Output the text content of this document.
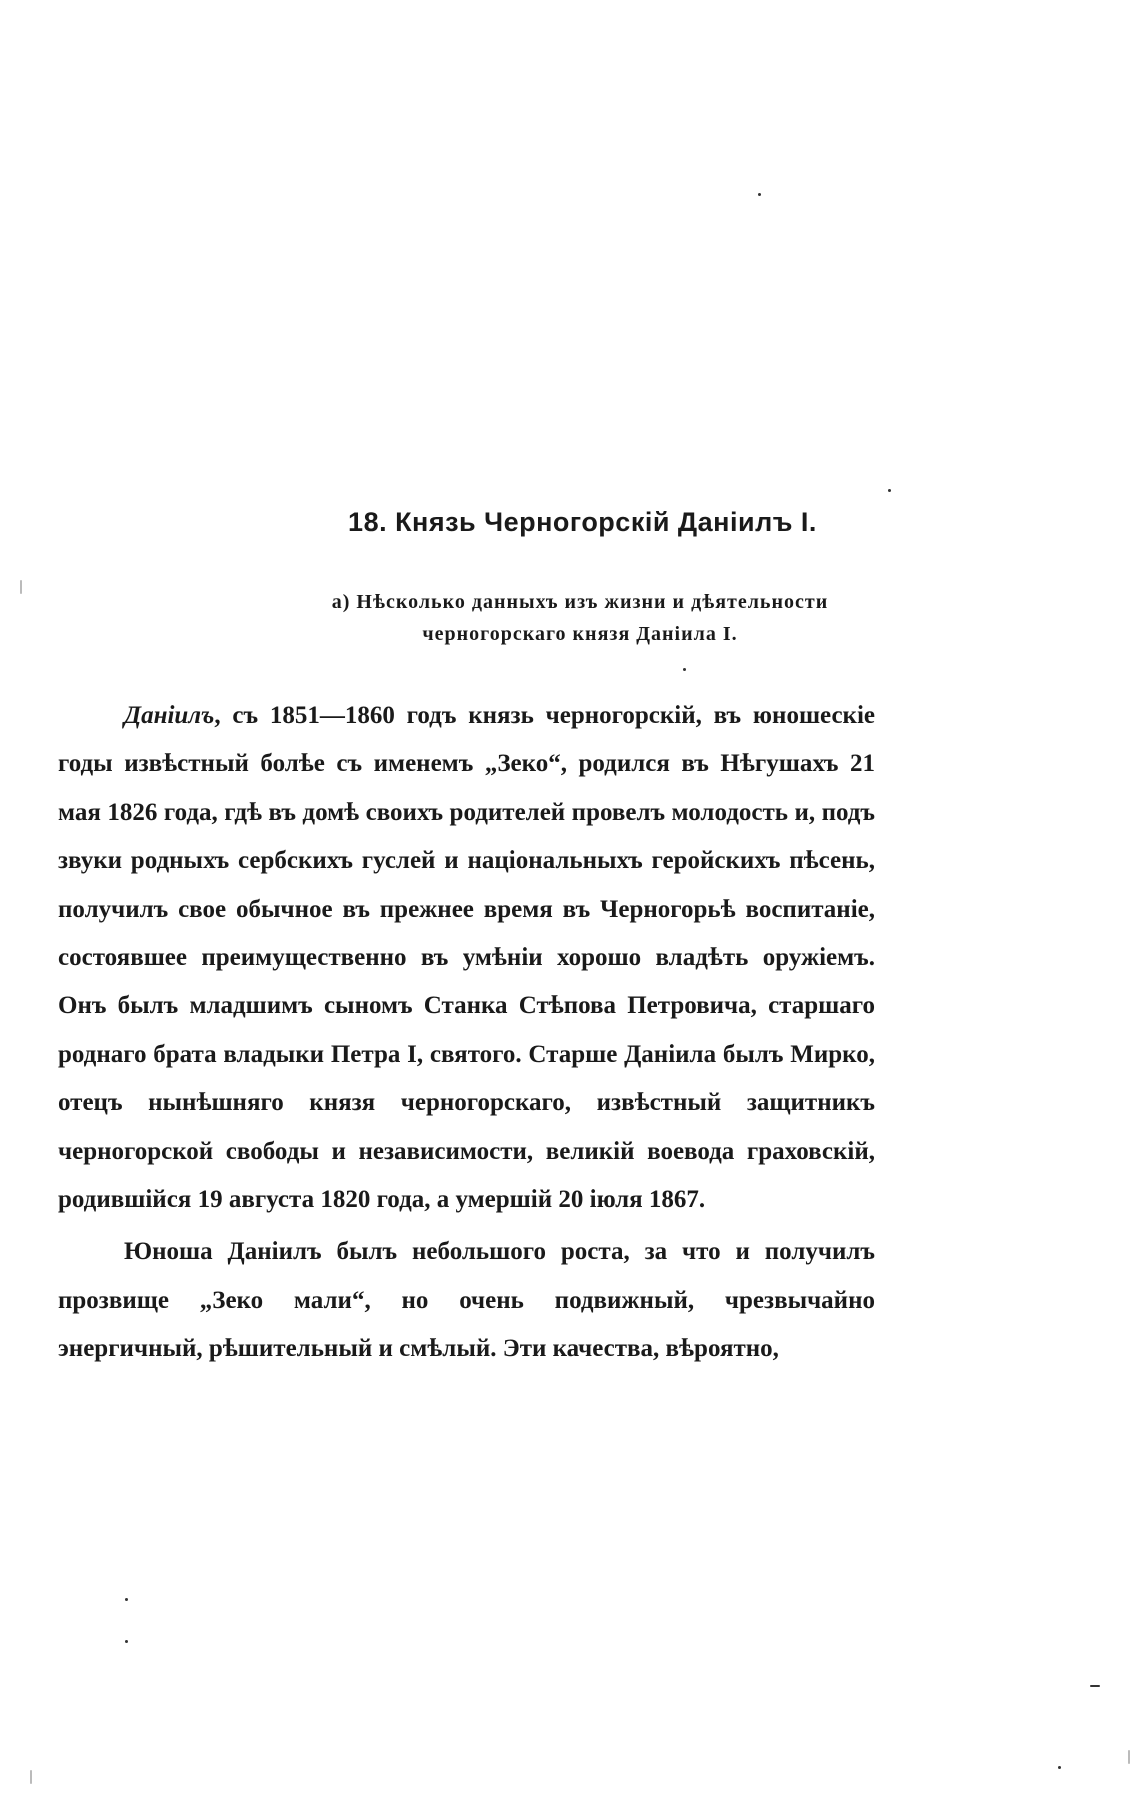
18. Князь Черногорскій Даніилъ І.
а) Нѣсколько данныхъ изъ жизни и дѣятельности
черногорскаго князя Даніила І.

Даніилъ, съ 1851—1860 годъ князь черногорскій, въ юношескіе годы извѣстный болѣе съ именемъ „Зеко“, родился въ Нѣгушахъ 21 мая 1826 года, гдѣ въ домѣ своихъ родителей провелъ молодость и, подъ звуки родныхъ сербскихъ гуслей и національныхъ геройскихъ пѣсень, получилъ свое обычное въ прежнее время въ Черногорьѣ воспитаніе, состоявшее преимущественно въ умѣніи хорошо владѣть оружіемъ. Онъ былъ младшимъ сыномъ Станка Стѣпова Петровича, старшаго роднаго брата владыки Петра І, святого. Старше Даніила былъ Мирко, отецъ нынѣшняго князя черногорскаго, извѣстный защитникъ черногорской свободы и независимости, великій воевода граховскій, родившійся 19 августа 1820 года, а умершій 20 іюля 1867.

Юноша Даніилъ былъ небольшого роста, за что и получилъ прозвище „Зеко мали“, но очень подвижный, чрезвычайно энергичный, рѣшительный и смѣлый. Эти качества, вѣроятно,
